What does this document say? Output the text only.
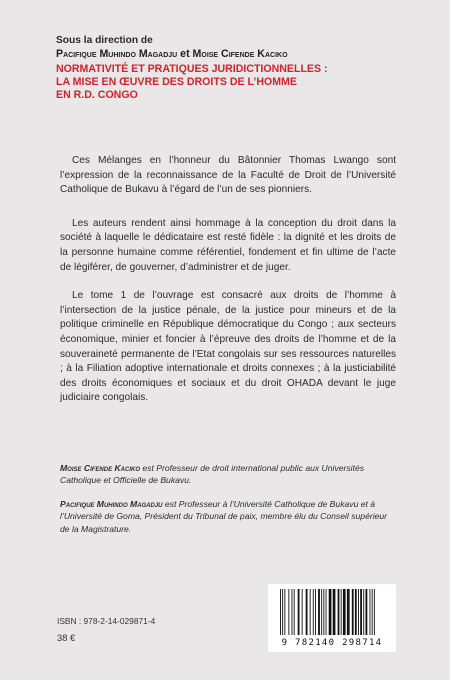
Sous la direction de
Pacifique Muhindo Magadju et Moise Cifende Kaciko
NORMATIVITÉ ET PRATIQUES JURIDICTIONNELLES :
LA MISE EN ŒUVRE DES DROITS DE L’HOMME
EN R.D. CONGO

Ces Mélanges en l’honneur du Bâtonnier Thomas Lwango sont l’expression de la reconnaissance de la Faculté de Droit de l’Université Catholique de Bukavu à l’égard de l’un de ses pionniers.

Les auteurs rendent ainsi hommage à la conception du droit dans la société à laquelle le dédicataire est resté fidèle : la dignité et les droits de la personne humaine comme référentiel, fondement et fin ultime de l’acte de légiférer, de gouverner, d’administrer et de juger.

Le tome 1 de l’ouvrage est consacré aux droits de l’homme à l’intersection de la justice pénale, de la justice pour mineurs et de la politique criminelle en République démocratique du Congo ; aux secteurs économique, minier et foncier à l’épreuve des droits de l’homme et de la souveraineté permanente de l’Etat congolais sur ses ressources naturelles ; à la Filiation adoptive internationale et droits connexes ; à la justiciabilité des droits économiques et sociaux et du droit OHADA devant le juge judiciaire congolais.

Moise Cifende Kaciko est Professeur de droit international public aux Universités Catholique et Officielle de Bukavu.

Pacifique Muhindo Magadju est Professeur à l’Université Catholique de Bukavu et à l’Université de Goma, Président du Tribunal de paix, membre élu du Conseil supérieur de la Magistrature.

ISBN : 978-2-14-029871-4
38 €	9 782140 298714
